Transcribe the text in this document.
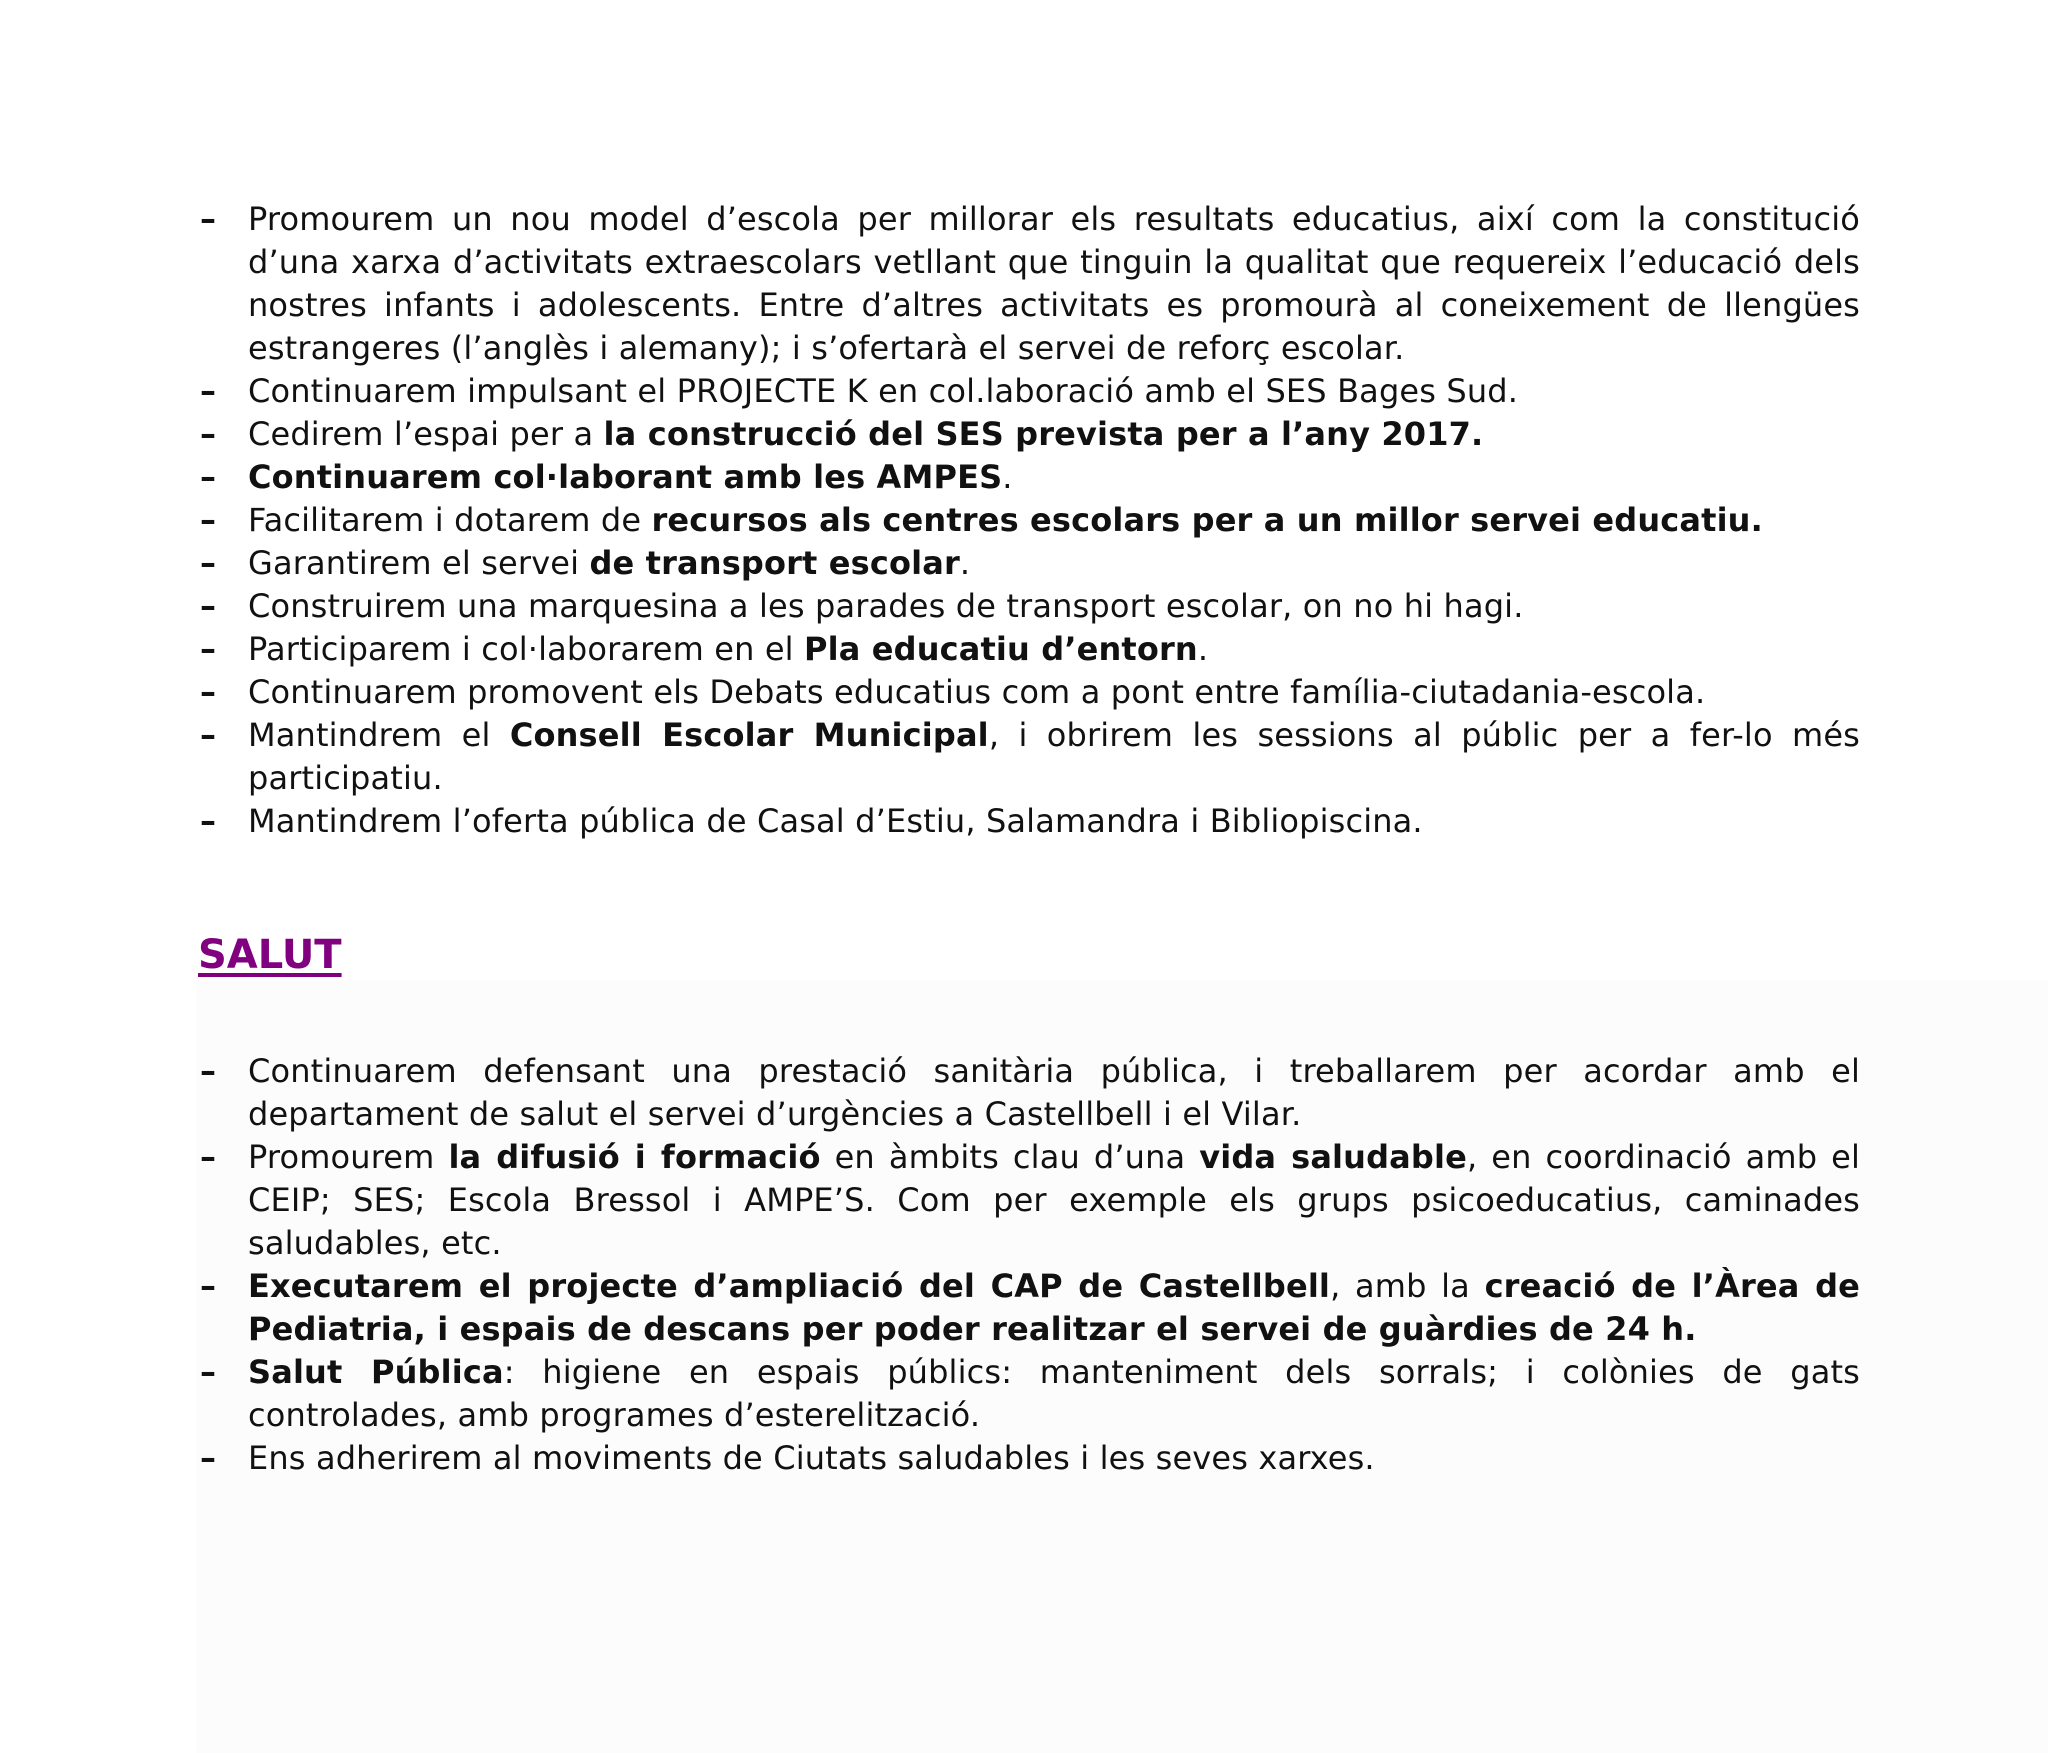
– Promourem un nou model d’escola per millorar els resultats educatius, així com la constitució d’una xarxa d’activitats extraescolars vetllant que tinguin la qualitat que requereix l’educació dels nostres infants i adolescents. Entre d’altres activitats es promourà al coneixement de llengües estrangeres (l’anglès i alemany); i s’ofertarà el servei de reforç escolar.
– Continuarem impulsant el PROJECTE K en col.laboració amb el SES Bages Sud.
– Cedirem l’espai per a la construcció del SES prevista per a l’any 2017.
– Continuarem col·laborant amb les AMPES.
– Facilitarem i dotarem de recursos als centres escolars per a un millor servei educatiu.
– Garantirem el servei de transport escolar.
– Construirem una marquesina a les parades de transport escolar, on no hi hagi.
– Participarem i col·laborarem en el Pla educatiu d’entorn.
– Continuarem promovent els Debats educatius com a pont entre família-ciutadania-escola.
– Mantindrem el Consell Escolar Municipal, i obrirem les sessions al públic per a fer-lo més participatiu.
– Mantindrem l’oferta pública de Casal d’Estiu, Salamandra i Bibliopiscina.
SALUT
– Continuarem defensant una prestació sanitària pública, i treballarem per acordar amb el departament de salut el servei d’urgències a Castellbell i el Vilar.
– Promourem la difusió i formació en àmbits clau d’una vida saludable, en coordinació amb el CEIP; SES; Escola Bressol i AMPE’S. Com per exemple els grups psicoeducatius, caminades saludables, etc.
– Executarem el projecte d’ampliació del CAP de Castellbell, amb la creació de l’Àrea de Pediatria, i espais de descans per poder realitzar el servei de guàrdies de 24 h.
– Salut Pública: higiene en espais públics: manteniment dels sorrals; i colònies de gats controlades, amb programes d’esterelització.
– Ens adherirem al moviments de Ciutats saludables i les seves xarxes.
